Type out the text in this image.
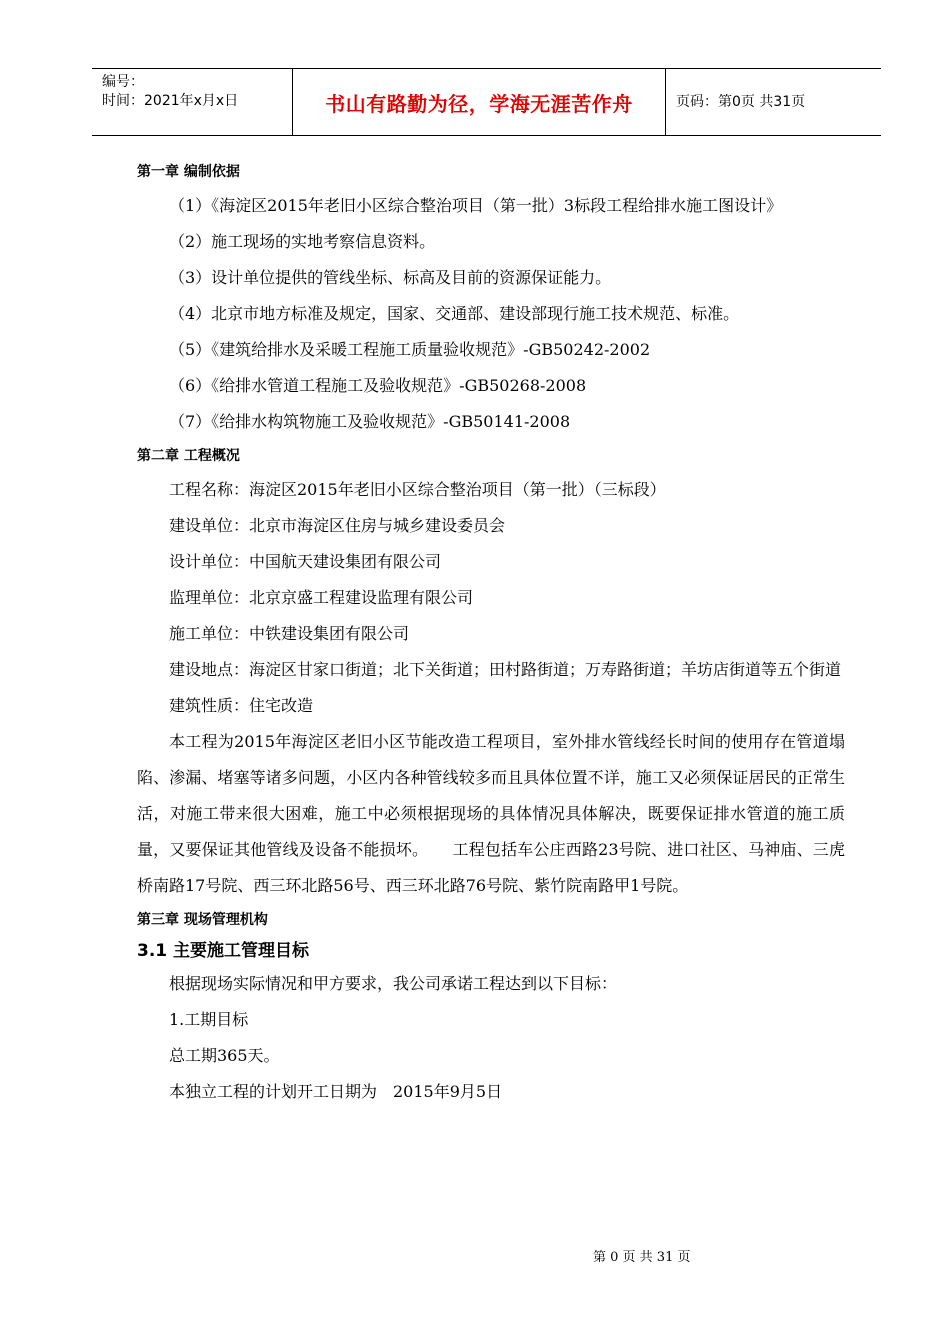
编号：
时间：2021年x月x日	书山有路勤为径，学海无涯苦作舟	页码：第0页 共31页
第一章 编制依据

（1）《海淀区2015年老旧小区综合整治项目（第一批）3标段工程给排水施工图设计》

（2）施工现场的实地考察信息资料。

（3）设计单位提供的管线坐标、标高及目前的资源保证能力。

（4）北京市地方标准及规定，国家、交通部、建设部现行施工技术规范、标准。

（5）《建筑给排水及采暖工程施工质量验收规范》-GB50242-2002

（6）《给排水管道工程施工及验收规范》-GB50268-2008

（7）《给排水构筑物施工及验收规范》-GB50141-2008

第二章 工程概况

工程名称：海淀区2015年老旧小区综合整治项目（第一批）（三标段）

建设单位：北京市海淀区住房与城乡建设委员会

设计单位：中国航天建设集团有限公司

监理单位：北京京盛工程建设监理有限公司

施工单位：中铁建设集团有限公司

建设地点：海淀区甘家口街道；北下关街道；田村路街道；万寿路街道；羊坊店街道等五个街道

建筑性质：住宅改造

本工程为2015年海淀区老旧小区节能改造工程项目，室外排水管线经长时间的使用存在管道塌陷、渗漏、堵塞等诸多问题，小区内各种管线较多而且具体位置不详，施工又必须保证居民的正常生活，对施工带来很大困难，施工中必须根据现场的具体情况具体解决，既要保证排水管道的施工质量，又要保证其他管线及设备不能损坏。　　工程包括车公庄西路23号院、进口社区、马神庙、三虎桥南路17号院、西三环北路56号、西三环北路76号院、紫竹院南路甲1号院。

第三章 现场管理机构
3.1 主要施工管理目标

根据现场实际情况和甲方要求，我公司承诺工程达到以下目标：

1.工期目标

总工期365天。

本独立工程的计划开工日期为　2015年9月5日

第 0 页 共 31 页
